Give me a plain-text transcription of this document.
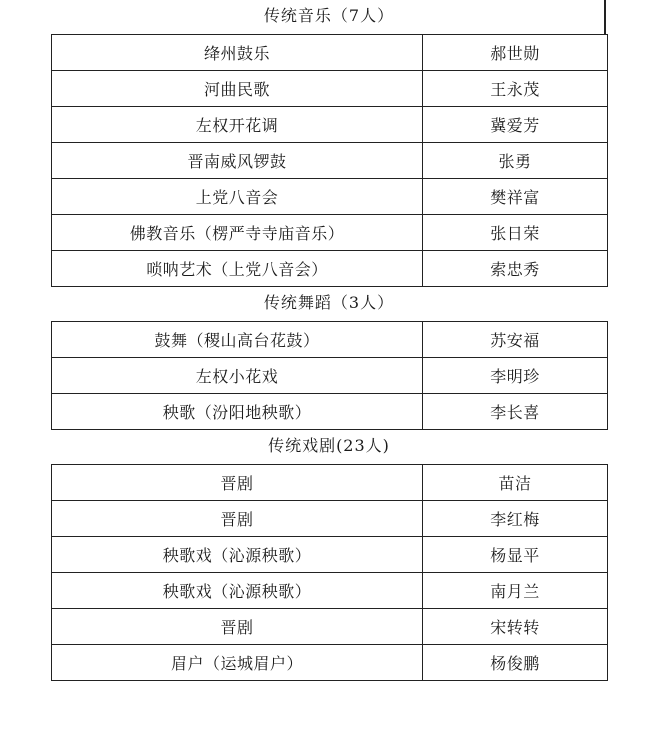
传统音乐（7人）
绛州鼓乐	郝世勋
河曲民歌	王永茂
左权开花调	冀爱芳
晋南威风锣鼓	张勇
上党八音会	樊祥富
佛教音乐（楞严寺寺庙音乐）	张日荣
唢呐艺术（上党八音会）	索忠秀
传统舞蹈（3人）
鼓舞（稷山高台花鼓）	苏安福
左权小花戏	李明珍
秧歌（汾阳地秧歌）	李长喜
传统戏剧(23人)
晋剧	苗洁
晋剧	李红梅
秧歌戏（沁源秧歌）	杨显平
秧歌戏（沁源秧歌）	南月兰
晋剧	宋转转
眉户（运城眉户）	杨俊鹏
